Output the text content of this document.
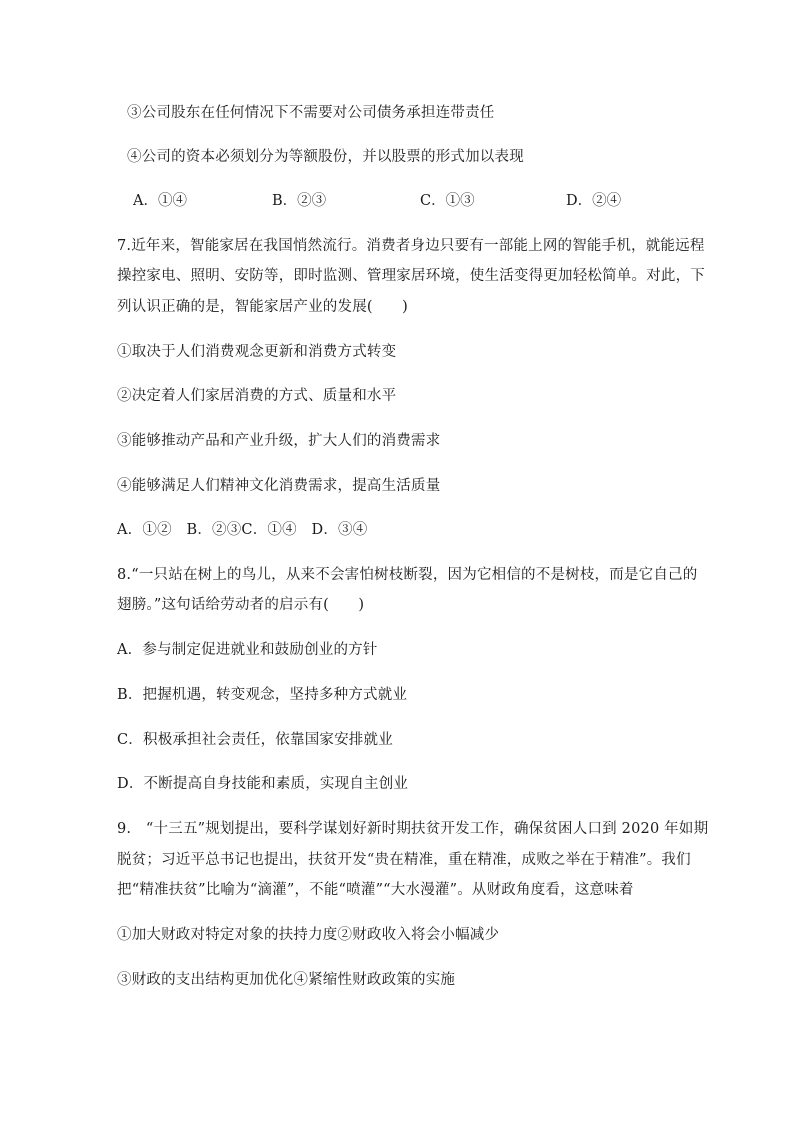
③公司股东在任何情况下不需要对公司债务承担连带责任
④公司的资本必须划分为等额股份，并以股票的形式加以表现
A．①④	B．②③	C．①③	D．②④
7.近年来，智能家居在我国悄然流行。消费者身边只要有一部能上网的智能手机，就能远程
操控家电、照明、安防等，即时监测、管理家居环境，使生活变得更加轻松简单。对此，下
列认识正确的是，智能家居产业的发展(　　)
①取决于人们消费观念更新和消费方式转变
②决定着人们家居消费的方式、质量和水平
③能够推动产品和产业升级，扩大人们的消费需求
④能够满足人们精神文化消费需求，提高生活质量
A．①②　B．②③C．①④　D．③④
8.“一只站在树上的鸟儿，从来不会害怕树枝断裂，因为它相信的不是树枝，而是它自己的
翅膀。”这句话给劳动者的启示有(　　)
A．参与制定促进就业和鼓励创业的方针
B．把握机遇，转变观念，坚持多种方式就业
C．积极承担社会责任，依靠国家安排就业
D．不断提高自身技能和素质，实现自主创业
9.　“十三五”规划提出，要科学谋划好新时期扶贫开发工作，确保贫困人口到 2020 年如期
脱贫；习近平总书记也提出，扶贫开发“贵在精准，重在精准，成败之举在于精准”。我们
把“精准扶贫”比喻为“滴灌”，不能“喷灌”“大水漫灌”。从财政角度看，这意味着
①加大财政对特定对象的扶持力度②财政收入将会小幅减少
③财政的支出结构更加优化④紧缩性财政政策的实施
